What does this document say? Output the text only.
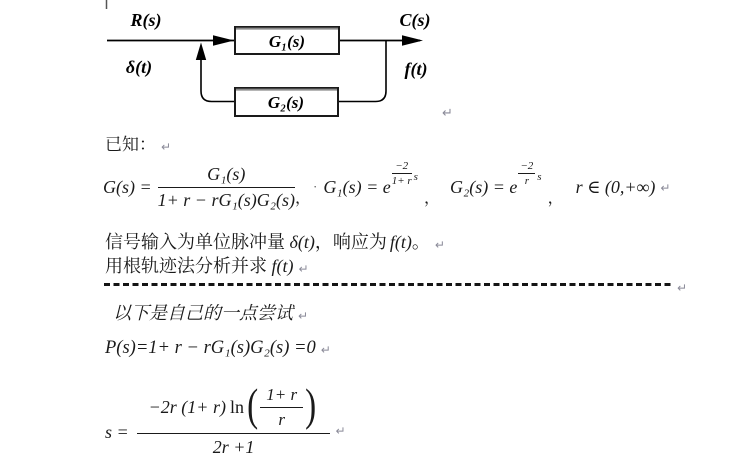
R(s)
δ(t)
C(s)
f(t)
G₁(s)
G₂(s)
↵
已知： ↵
$G(s) = \frac{\text{G₁(s)}}{\text{1+ r − rG₁(s)G₂(s)}}$ ，
· G₁(s) = e $\frac{-2}{1+ r}$ s
，
G₂(s) = e $\frac{-2}{r}$ s
，
r ∈ (0,+∞) ↵
信号输入为单位脉冲量 δ(t)，响应为 f(t)。 ↵
用根轨迹法分析并求 f(t) ↵
↵
以下是自己的一点尝试 ↵
P(s)=1+ r − rG₁(s)G₂(s) =0 ↵
s =
−2r (1+ r) ln ( $\frac{1+ r}{r}$ )
2r +1
↵
